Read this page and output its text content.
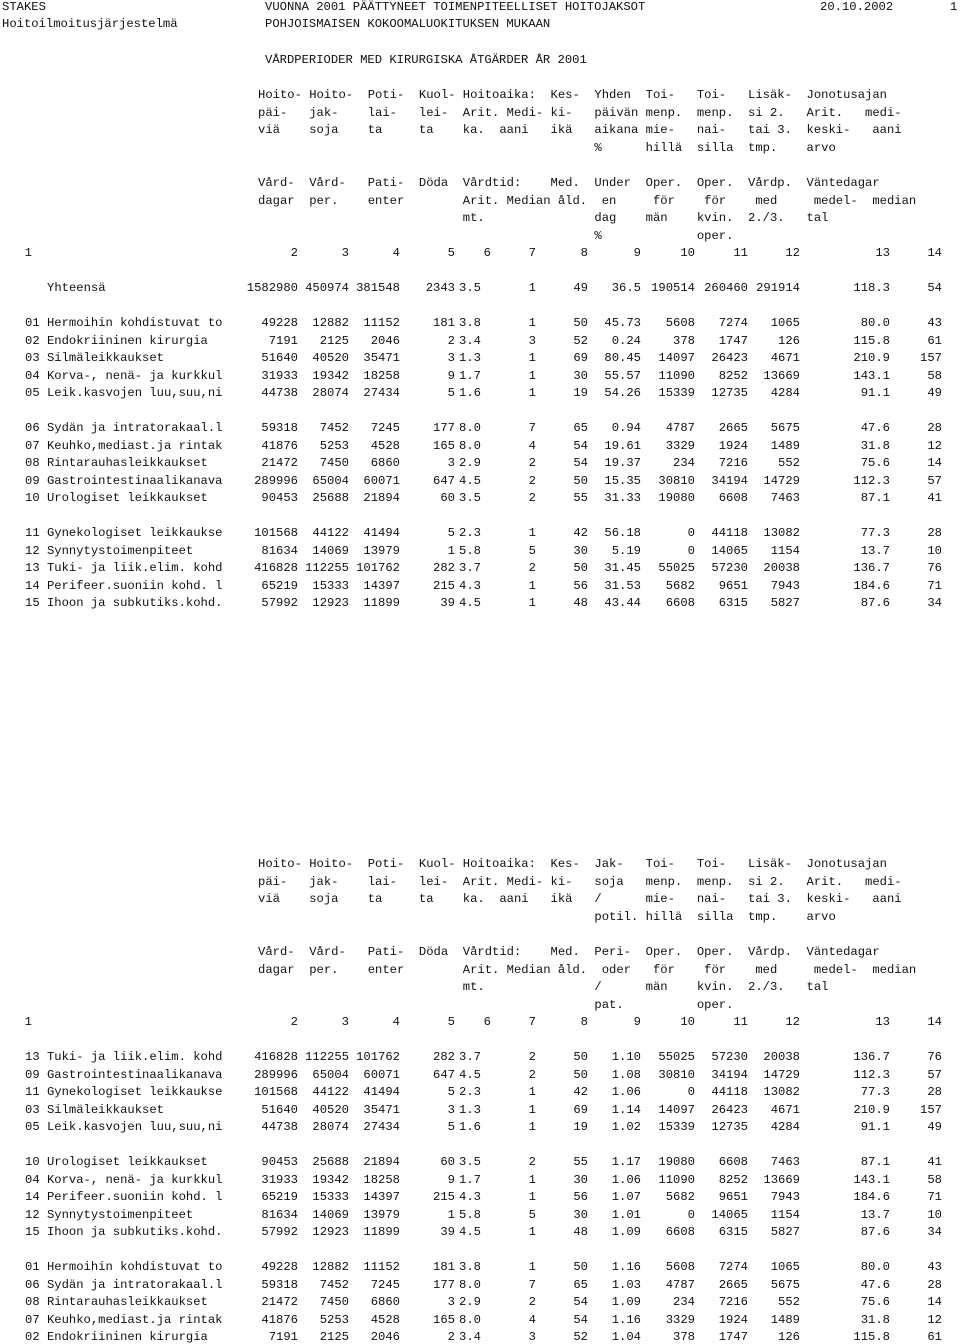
STAKES	VUONNA 2001 PÄÄTTYNEET TOIMENPITEELLISET HOITOJAKSOT	20.10.2002	1
Hoitoilmoitusjärjestelmä	POHJOISMAISEN KOKOOMALUOKITUKSEN MUKAAN
VÅRDPERIODER MED KIRURGISKA ÅTGÄRDER ÅR 2001
Hoito- Hoito-  Poti-  Kuol- Hoitoaika:  Kes-  Yhden  Toi-   Toi-   Lisäk-  Jonotusajan
päi-   jak-    lai-   lei-  Arit. Medi- ki-   päivän menp.  menp.  si 2.   Arit.   medi-
viä    soja    ta     ta    ka.  aani   ikä   aikana mie-   nai-   tai 3.  keski-   aani
%      hillä  silla  tmp.    arvo
Vård-  Vård-   Pati-  Döda  Vårdtid:    Med.  Under  Oper.  Oper.  Vårdp.  Väntedagar
dagar  per.    enter        Arit. Median åld.  en     för    för    med     medel-  median
mt.               dag    män    kvin.  2./3.   tal
%             oper.
1	2	3	4	5 6	7	8	9	10	11	12	13	14
Yhteensä	1582980 450974 381548 2343 3.5	1	49 36.5 190514 260460 291914	118.3	54
01 Hermoihin kohdistuvat to	49228 12882 11152	181 3.8	1	50 45.73 5608 7274 1065	80.0	43
02 Endokriininen kirurgia	7191 2125 2046	2 3.4	3	52 0.24	378 1747 126	115.8	61
03 Silmäleikkaukset	51640 40520 35471	3 1.3	1	69 80.45 14097 26423 4671	210.9 157
04 Korva-, nenä- ja kurkkul	31933 19342 18258	9 1.7	1	30 55.57 11090 8252 13669	143.1	58
05 Leik.kasvojen luu,suu,ni	44738 28074 27434	5 1.6	1	19 54.26 15339 12735 4284	91.1	49
06 Sydän ja intratorakaal.l	59318 7452 7245	177 8.0	7	65 0.94 4787 2665 5675	47.6	28
07 Keuhko,mediast.ja rintak	41876 5253 4528	165 8.0	4	54 19.61 3329 1924 1489	31.8	12
08 Rintarauhasleikkaukset	21472 7450 6860	3 2.9	2	54 19.37	234 7216 552	75.6	14
09 Gastrointestinaalikanava	289996 65004 60071	647 4.5	2	50 15.35 30810 34194 14729	112.3	57
10 Urologiset leikkaukset	90453 25688 21894	60 3.5	2	55 31.33 19080 6608 7463	87.1	41
11 Gynekologiset leikkaukse	101568 44122 41494	5 2.3	1	42 56.18	0 44118 13082	77.3	28
12 Synnytystoimenpiteet	81634 14069 13979	1 5.8	5	30 5.19	0 14065 1154	13.7	10
13 Tuki- ja liik.elim. kohd	416828 112255 101762	282 3.7	2	50 31.45 55025 57230 20038	136.7	76
14 Perifeer.suoniin kohd. l	65219 15333 14397	215 4.3	1	56 31.53 5682 9651 7943	184.6	71
15 Ihoon ja subkutiks.kohd.	57992 12923 11899	39 4.5	1	48 43.44 6608 6315 5827	87.6	34
Hoito- Hoito-  Poti-  Kuol- Hoitoaika:  Kes-  Jak-   Toi-   Toi-   Lisäk-  Jonotusajan
päi-   jak-    lai-   lei-  Arit. Medi- ki-   soja   menp.  menp.  si 2.   Arit.   medi-
viä    soja    ta     ta    ka.  aani   ikä   /      mie-   nai-   tai 3.  keski-   aani
potil. hillä  silla  tmp.    arvo
Vård-  Vård-   Pati-  Döda  Vårdtid:    Med.  Peri-  Oper.  Oper.  Vårdp.  Väntedagar
dagar  per.    enter        Arit. Median åld.  oder   för    för    med     medel-  median
mt.               /      män    kvin.  2./3.   tal
pat.          oper.
1	2	3	4	5 6	7	8	9	10	11	12	13	14
13 Tuki- ja liik.elim. kohd	416828 112255 101762	282 3.7	2	50 1.10 55025 57230 20038	136.7	76
09 Gastrointestinaalikanava	289996 65004 60071	647 4.5	2	50 1.08 30810 34194 14729	112.3	57
11 Gynekologiset leikkaukse	101568 44122 41494	5 2.3	1	42 1.06	0 44118 13082	77.3	28
03 Silmäleikkaukset	51640 40520 35471	3 1.3	1	69 1.14 14097 26423 4671	210.9 157
05 Leik.kasvojen luu,suu,ni	44738 28074 27434	5 1.6	1	19 1.02 15339 12735 4284	91.1	49
10 Urologiset leikkaukset	90453 25688 21894	60 3.5	2	55 1.17 19080 6608 7463	87.1	41
04 Korva-, nenä- ja kurkkul	31933 19342 18258	9 1.7	1	30 1.06 11090 8252 13669	143.1	58
14 Perifeer.suoniin kohd. l	65219 15333 14397	215 4.3	1	56 1.07 5682 9651 7943	184.6	71
12 Synnytystoimenpiteet	81634 14069 13979	1 5.8	5	30 1.01	0 14065 1154	13.7	10
15 Ihoon ja subkutiks.kohd.	57992 12923 11899	39 4.5	1	48 1.09 6608 6315 5827	87.6	34
01 Hermoihin kohdistuvat to	49228 12882 11152	181 3.8	1	50 1.16 5608 7274 1065	80.0	43
06 Sydän ja intratorakaal.l	59318 7452 7245	177 8.0	7	65 1.03 4787 2665 5675	47.6	28
08 Rintarauhasleikkaukset	21472 7450 6860	3 2.9	2	54 1.09	234 7216 552	75.6	14
07 Keuhko,mediast.ja rintak	41876 5253 4528	165 8.0	4	54 1.16 3329 1924 1489	31.8	12
02 Endokriininen kirurgia	7191 2125 2046	2 3.4	3	52 1.04	378 1747 126	115.8	61
